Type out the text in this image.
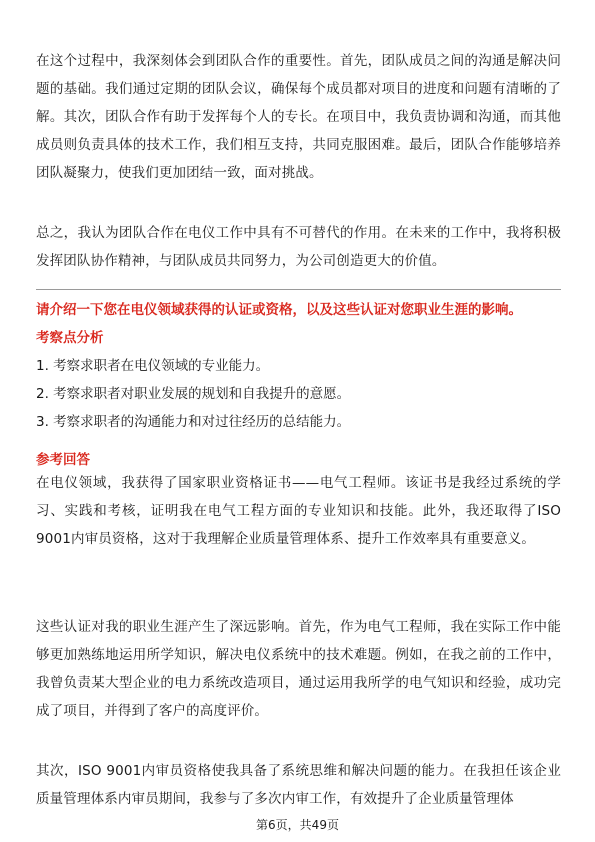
在这个过程中，我深刻体会到团队合作的重要性。首先，团队成员之间的沟通是解决问题的基础。我们通过定期的团队会议，确保每个成员都对项目的进度和问题有清晰的了解。其次，团队合作有助于发挥每个人的专长。在项目中，我负责协调和沟通，而其他成员则负责具体的技术工作，我们相互支持，共同克服困难。最后，团队合作能够培养团队凝聚力，使我们更加团结一致，面对挑战。

总之，我认为团队合作在电仪工作中具有不可替代的作用。在未来的工作中，我将积极发挥团队协作精神，与团队成员共同努力，为公司创造更大的价值。

请介绍一下您在电仪领域获得的认证或资格，以及这些认证对您职业生涯的影响。

考察点分析

1. 考察求职者在电仪领域的专业能力。

2. 考察求职者对职业发展的规划和自我提升的意愿。

3. 考察求职者的沟通能力和对过往经历的总结能力。

参考回答

在电仪领域，我获得了国家职业资格证书——电气工程师。该证书是我经过系统的学习、实践和考核，证明我在电气工程方面的专业知识和技能。此外，我还取得了ISO 9001内审员资格，这对于我理解企业质量管理体系、提升工作效率具有重要意义。

这些认证对我的职业生涯产生了深远影响。首先，作为电气工程师，我在实际工作中能够更加熟练地运用所学知识，解决电仪系统中的技术难题。例如，在我之前的工作中，我曾负责某大型企业的电力系统改造项目，通过运用我所学的电气知识和经验，成功完成了项目，并得到了客户的高度评价。

其次，ISO 9001内审员资格使我具备了系统思维和解决问题的能力。在我担任该企业质量管理体系内审员期间，我参与了多次内审工作，有效提升了企业质量管理体

第6页，共49页
